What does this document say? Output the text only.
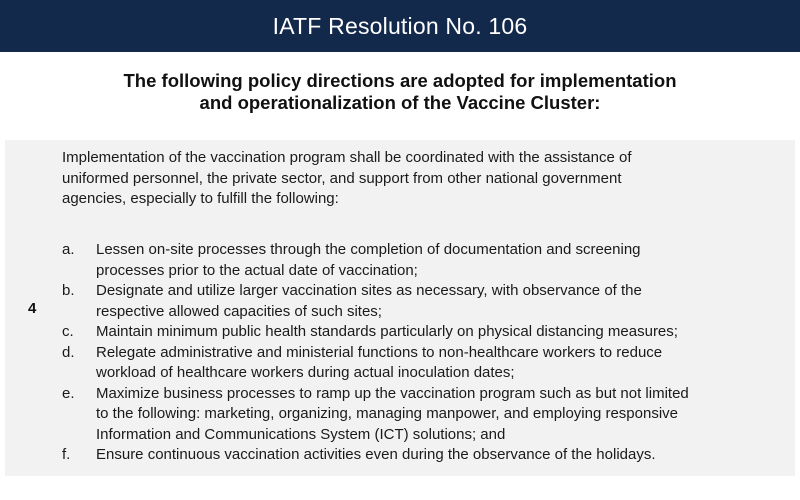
IATF Resolution No. 106
The following policy directions are adopted for implementation
and operationalization of the Vaccine Cluster:
4
Implementation of the vaccination program shall be coordinated with the assistance of
uniformed personnel, the private sector, and support from other national government
agencies, especially to fulfill the following:
a. Lessen on-site processes through the completion of documentation and screening
processes prior to the actual date of vaccination;
b. Designate and utilize larger vaccination sites as necessary, with observance of the
respective allowed capacities of such sites;
c. Maintain minimum public health standards particularly on physical distancing measures;
d. Relegate administrative and ministerial functions to non-healthcare workers to reduce
workload of healthcare workers during actual inoculation dates;
e. Maximize business processes to ramp up the vaccination program such as but not limited
to the following: marketing, organizing, managing manpower, and employing responsive
Information and Communications System (ICT) solutions; and
f. Ensure continuous vaccination activities even during the observance of the holidays.
